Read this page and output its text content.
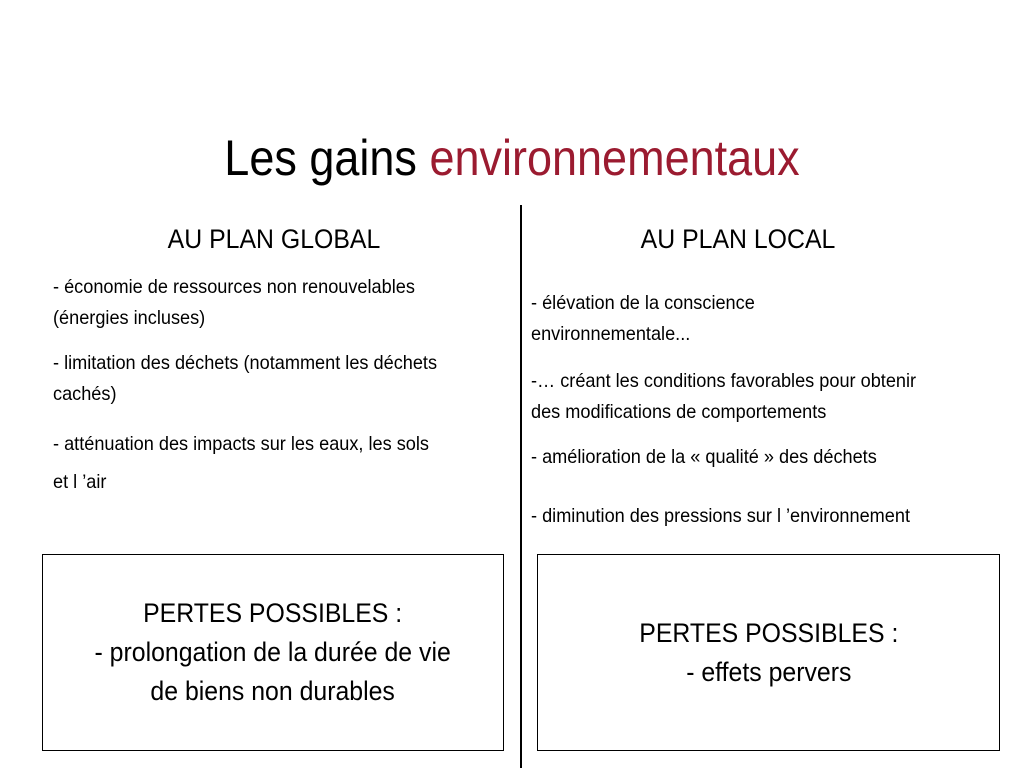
Les gains environnementaux
AU PLAN GLOBAL
- économie de ressources non renouvelables
(énergies incluses)
- limitation des déchets (notamment les déchets
cachés)
- atténuation des impacts sur les eaux, les sols
et l ’air
PERTES POSSIBLES :
- prolongation de la durée de vie
de biens non durables
AU PLAN LOCAL
- élévation de la conscience
environnementale...
-… créant les conditions favorables pour obtenir
des modifications de comportements
- amélioration de la « qualité » des déchets
- diminution des pressions sur l ’environnement
PERTES POSSIBLES :
- effets pervers
